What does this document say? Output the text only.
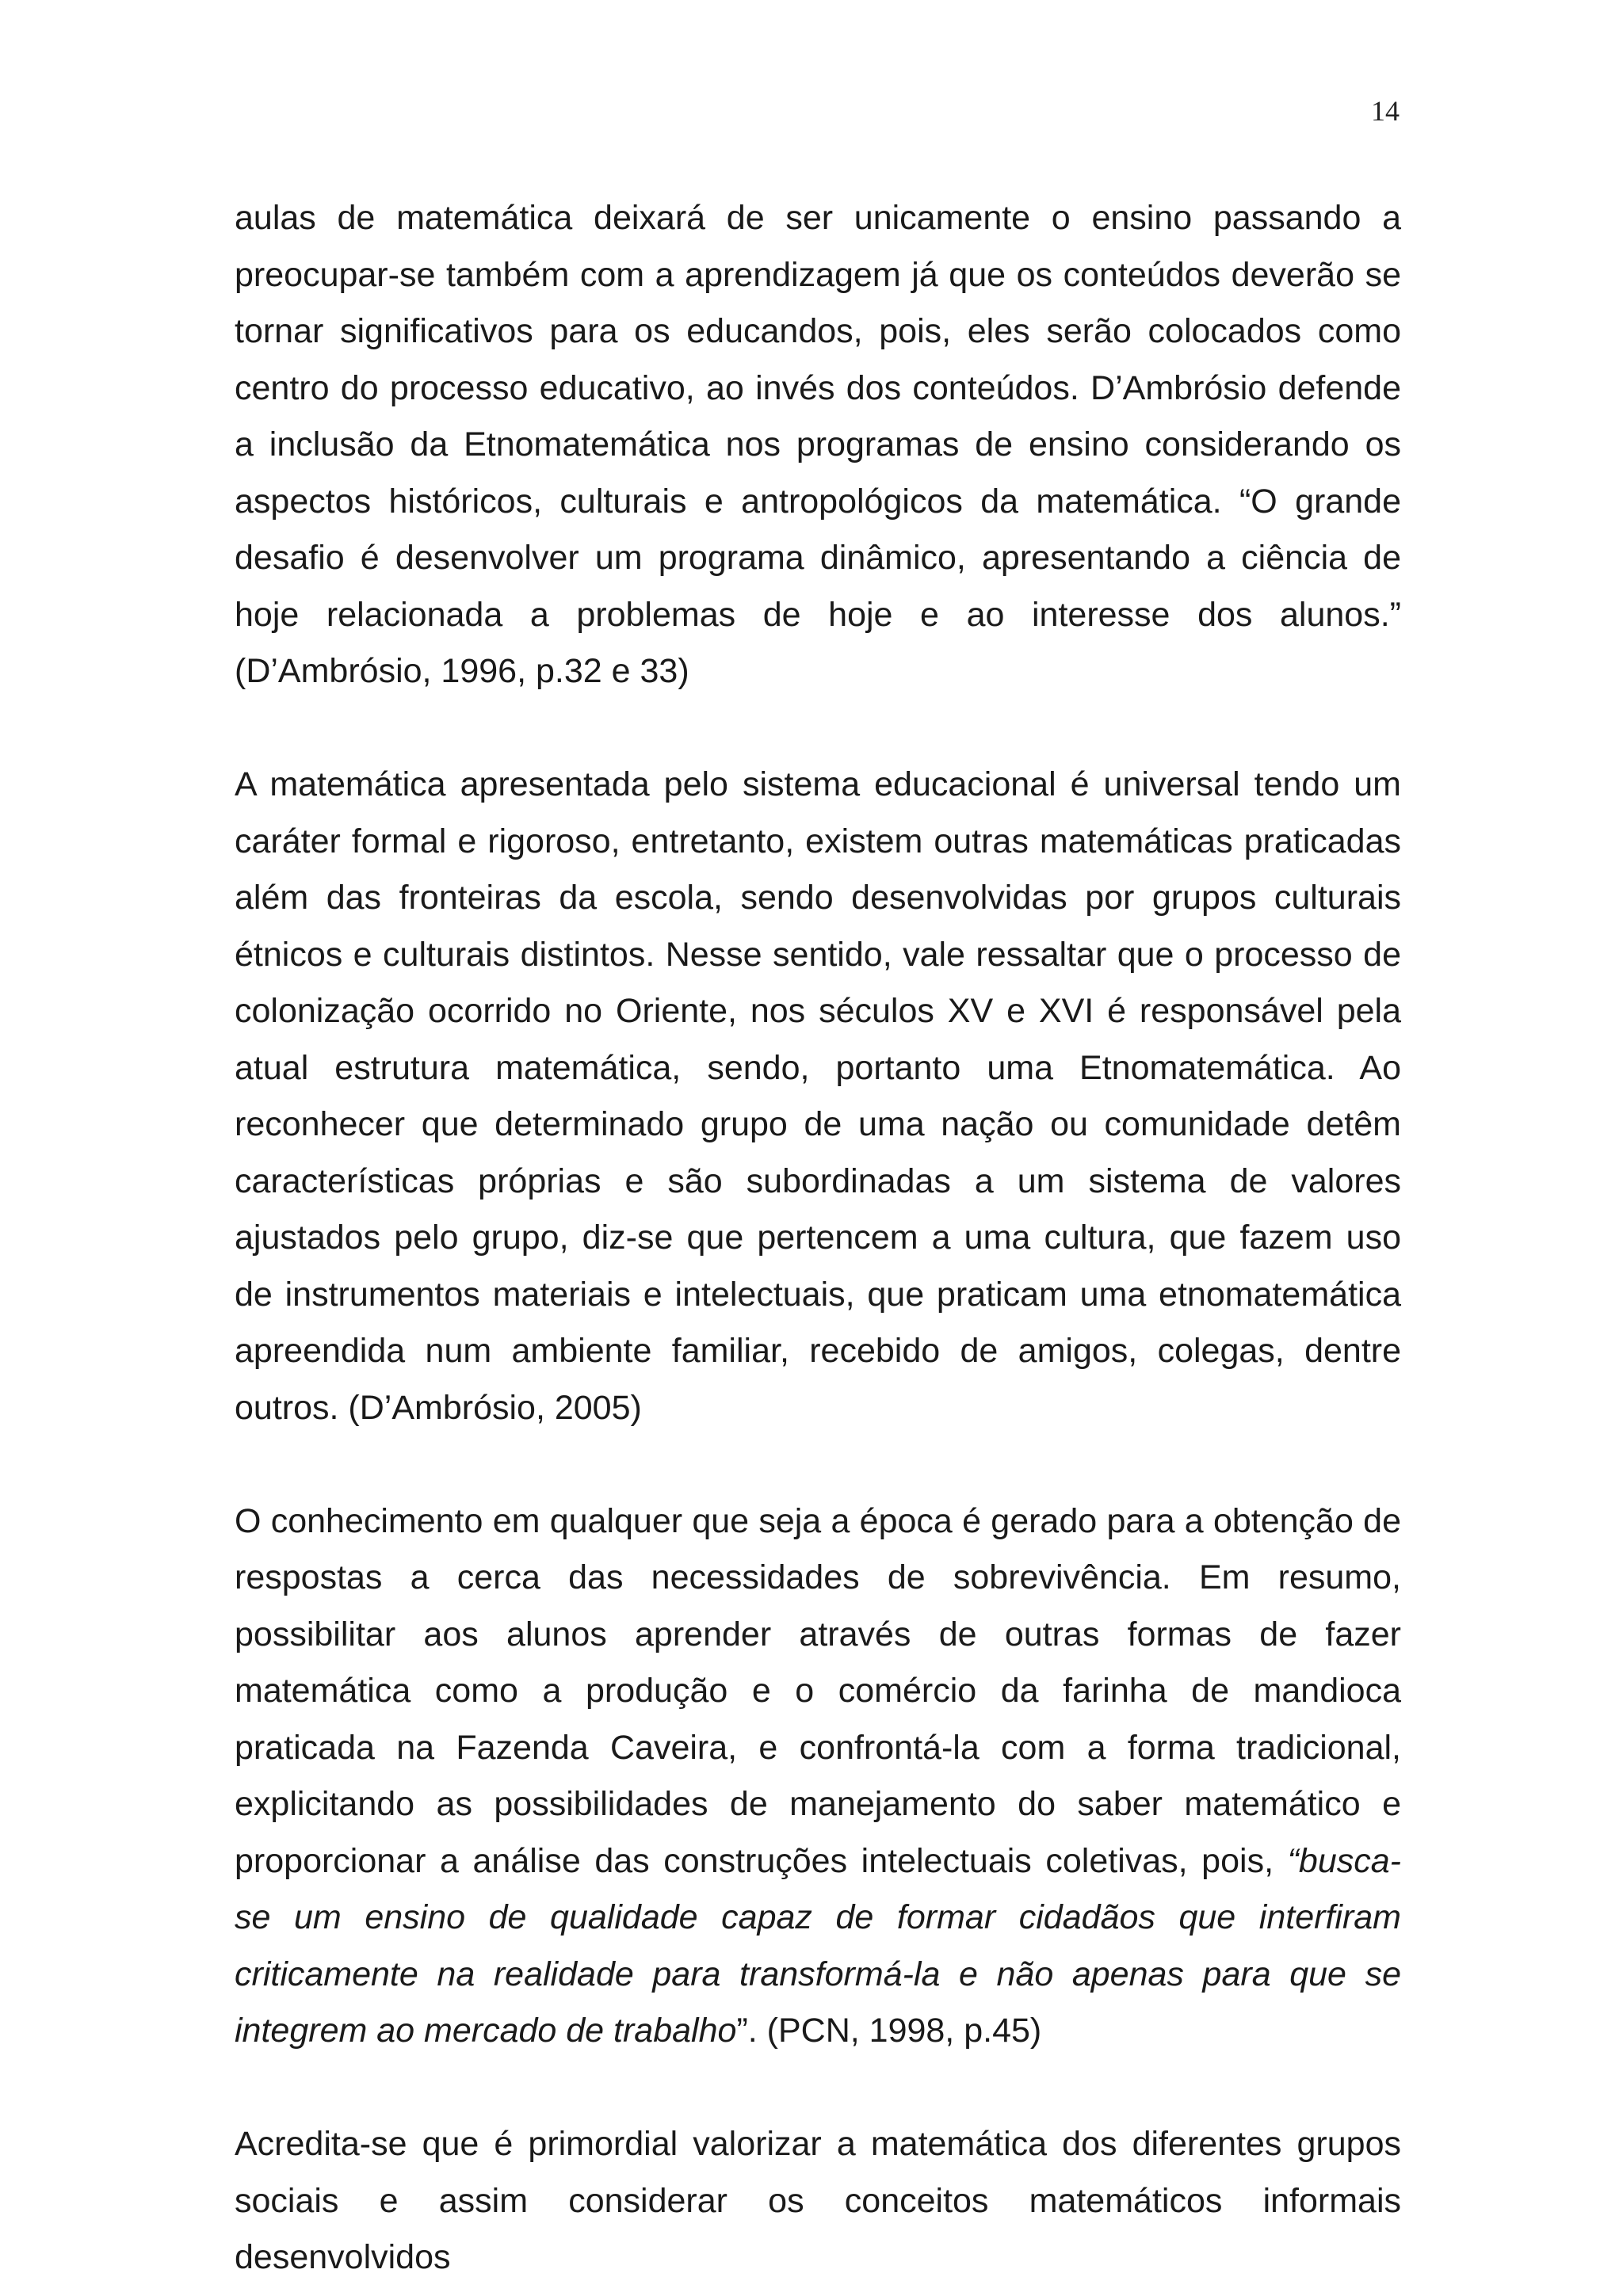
14

aulas de matemática deixará de ser unicamente o ensino passando a preocupar-se também com a aprendizagem já que os conteúdos deverão se tornar significativos para os educandos, pois, eles serão colocados como centro do processo educativo, ao invés dos conteúdos. D’Ambrósio defende a inclusão da Etnomatemática nos programas de ensino considerando os aspectos históricos, culturais e antropológicos da matemática. “O grande desafio é desenvolver um programa dinâmico, apresentando a ciência de hoje relacionada a problemas de hoje e ao interesse dos alunos.” (D’Ambrósio, 1996, p.32 e 33)

A matemática apresentada pelo sistema educacional é universal tendo um caráter formal e rigoroso, entretanto, existem outras matemáticas praticadas além das fronteiras da escola, sendo desenvolvidas por grupos culturais étnicos e culturais distintos. Nesse sentido, vale ressaltar que o processo de colonização ocorrido no Oriente, nos séculos XV e XVI é responsável pela atual estrutura matemática, sendo, portanto uma Etnomatemática. Ao reconhecer que determinado grupo de uma nação ou comunidade detêm características próprias e são subordinadas a um sistema de valores ajustados pelo grupo, diz-se que pertencem a uma cultura, que fazem uso de instrumentos materiais e intelectuais, que praticam uma etnomatemática apreendida num ambiente familiar, recebido de amigos, colegas, dentre outros. (D’Ambrósio, 2005)

O conhecimento em qualquer que seja a época é gerado para a obtenção de respostas a cerca das necessidades de sobrevivência. Em resumo, possibilitar aos alunos aprender através de outras formas de fazer matemática como a produção e o comércio da farinha de mandioca praticada na Fazenda Caveira, e confrontá-la com a forma tradicional, explicitando as possibilidades de manejamento do saber matemático e proporcionar a análise das construções intelectuais coletivas, pois, “busca-se um ensino de qualidade capaz de formar cidadãos que interfiram criticamente na realidade para transformá-la e não apenas para que se integrem ao mercado de trabalho”. (PCN, 1998, p.45)

Acredita-se que é primordial valorizar a matemática dos diferentes grupos sociais e assim considerar os conceitos matemáticos informais desenvolvidos
